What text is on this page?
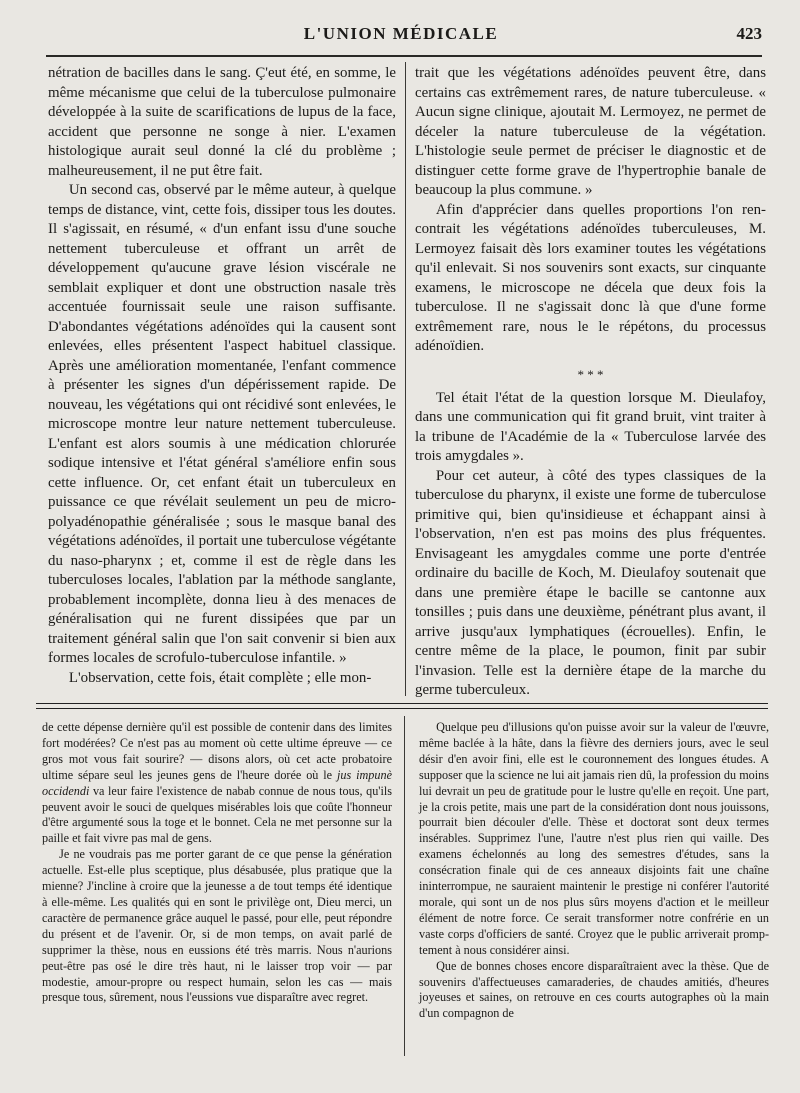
L'UNION MÉDICALE	423

nétration de bacilles dans le sang. Ç'eut été, en somme, le même mécanisme que celui de la tuberculose pulmonaire développée à la suite de scarifications de lupus de la face, accident que personne ne songe à nier. L'examen histologique aurait seul donné la clé du problème ; malheureusement, il ne put être fait.

Un second cas, observé par le même auteur, à quelque temps de distance, vint, cette fois, dissiper tous les doutes. Il s'agissait, en résumé, « d'un enfant issu d'une souche nettement tuberculeuse et offrant un arrêt de développement qu'aucune grave lésion viscérale ne semblait expliquer et dont une obstruction nasale très accentuée fournissait seule une raison suffisante. D'abondantes végétations adénoïdes qui la causent sont enlevées, elles présentent l'aspect habituel classique. Après une amélioration momentanée, l'enfant commence à présenter les signes d'un dépérissement rapide. De nouveau, les végétations qui ont récidivé sont enlevées, le microscope montre leur nature nettement tuberculeuse. L'enfant est alors soumis à une médication chlorurée sodique intensive et l'état général s'améliore enfin sous cette influence. Or, cet enfant était un tuberculeux en puissance ce que révélait seulement un peu de micropolyadénopathie généralisée ; sous le masque banal des végétations adénoïdes, il portait une tuberculose végétante du naso-pharynx ; et, comme il est de règle dans les tuberculoses locales, l'ablation par la méthode sanglante, probablement incomplète, donna lieu à des menaces de généralisation qui ne furent dissipées que par un traitement général salin que l'on sait convenir si bien aux formes locales de scrofulo-tuberculose infantile. »

L'observation, cette fois, était complète ; elle mon-

trait que les végétations adénoïdes peuvent être, dans certains cas extrêmement rares, de nature tuberculeuse. « Aucun signe clinique, ajoutait M. Lermoyez, ne permet de déceler la nature tuberculeuse de la végétation. L'histologie seule permet de préciser le diagnostic et de distinguer cette forme grave de l'hypertrophie banale de beaucoup la plus commune. »

Afin d'apprécier dans quelles proportions l'on rencontrait les végétations adénoïdes tuberculeuses, M. Lermoyez faisait dès lors examiner toutes les végétations qu'il enlevait. Si nos souvenirs sont exacts, sur cinquante examens, le microscope ne décela que deux fois la tuberculose. Il ne s'agissait donc là que d'une forme extrêmement rare, nous le le répétons, du processus adénoïdien.

* * *

Tel était l'état de la question lorsque M. Dieulafoy, dans une communication qui fit grand bruit, vint traiter à la tribune de l'Académie de la « Tuberculose larvée des trois amygdales ».

Pour cet auteur, à côté des types classiques de la tuberculose du pharynx, il existe une forme de tuberculose primitive qui, bien qu'insidieuse et échappant ainsi à l'observation, n'en est pas moins des plus fréquentes. Envisageant les amygdales comme une porte d'entrée ordinaire du bacille de Koch, M. Dieulafoy soutenait que dans une première étape le bacille se cantonne aux tonsilles ; puis dans une deuxième, pénétrant plus avant, il arrive jusqu'aux lymphatiques (écrouelles). Enfin, le centre même de la place, le poumon, finit par subir l'invasion. Telle est la dernière étape de la marche du germe tuberculeux.

de cette dépense dernière qu'il est possible de contenir dans des limites fort modérées? Ce n'est pas au moment où cette ultime épreuve — ce gros mot vous fait sourire? — disons alors, où cet acte probatoire ultime sépare seul les jeunes gens de l'heure dorée où le jus impunè occidendi va leur faire l'existence de nabab connue de nous tous, qu'ils peuvent avoir le souci de quelques misérables lois que coûte l'honneur d'être argumenté sous la toge et le bonnet. Cela ne met personne sur la paille et fait vivre pas mal de gens.

Je ne voudrais pas me porter garant de ce que pense la génération actuelle. Est-elle plus sceptique, plus désabusée, plus pratique que la mienne? J'incline à croire que la jeunesse a de tout temps été identique à elle-même. Les qualités qui en sont le privilège ont, Dieu merci, un caractère de permanence grâce auquel le passé, pour elle, peut répondre du présent et de l'avenir. Or, si de mon temps, on avait parlé de supprimer la thèse, nous en eussions été très marris. Nous n'aurions peut-être pas osé le dire très haut, ni le laisser trop voir — par modestie, amour-propre ou respect humain, selon les cas — mais presque tous, sûrement, nous l'eussions vue disparaître avec regret.

Quelque peu d'illusions qu'on puisse avoir sur la valeur de l'œuvre, même baclée à la hâte, dans la fièvre des derniers jours, avec le seul désir d'en avoir fini, elle est le couronnement des longues études. A supposer que la science ne lui ait jamais rien dû, la profession du moins lui devrait un peu de gratitude pour le lustre qu'elle en reçoit. Une part, je la crois petite, mais une part de la considération dont nous jouissons, pourrait bien découler d'elle. Thèse et doctorat sont deux termes insérables. Supprimez l'une, l'autre n'est plus rien qui vaille. Des examens échelonnés au long des semestres d'études, sans la consécration finale qui de ces anneaux disjoints fait une chaîne ininterrompue, ne sauraient maintenir le prestige ni conférer l'autorité morale, qui sont un de nos plus sûrs moyens d'action et le meilleur élément de notre force. Ce serait transformer notre confrérie en un vaste corps d'officiers de santé. Croyez que le public arriverait promptement à nous considérer ainsi.

Que de bonnes choses encore disparaîtraient avec la thèse. Que de souvenirs d'affectueuses camaraderies, de chaudes amitiés, d'heures joyeuses et saines, on retrouve en ces courts autographes où la main d'un compagnon de
